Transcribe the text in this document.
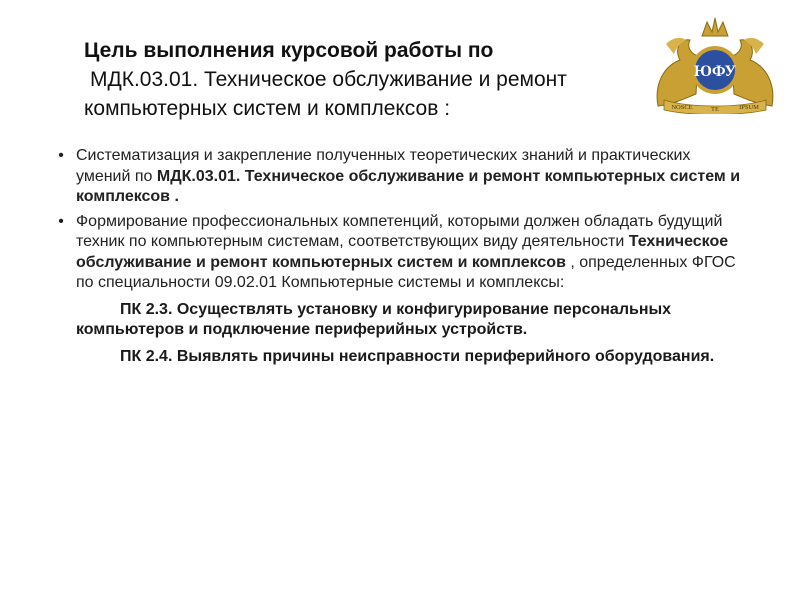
ЮФУ
NOSCE	TE	IPSUM
Цель выполнения курсовой работы по
МДК.03.01. Техническое обслуживание и ремонт
компьютерных систем и комплексов :
• Систематизация и закрепление полученных теоретических знаний и практических умений по МДК.03.01. Техническое обслуживание и ремонт компьютерных систем и комплексов .
• Формирование профессиональных компетенций, которыми должен обладать будущий техник по компьютерным системам, соответствующих виду деятельности Техническое обслуживание и ремонт компьютерных систем и комплексов , определенных ФГОС по специальности 09.02.01 Компьютерные системы и комплексы:
ПК 2.3. Осуществлять установку и конфигурирование персональных компьютеров и подключение периферийных устройств.
ПК 2.4. Выявлять причины неисправности периферийного оборудования.
